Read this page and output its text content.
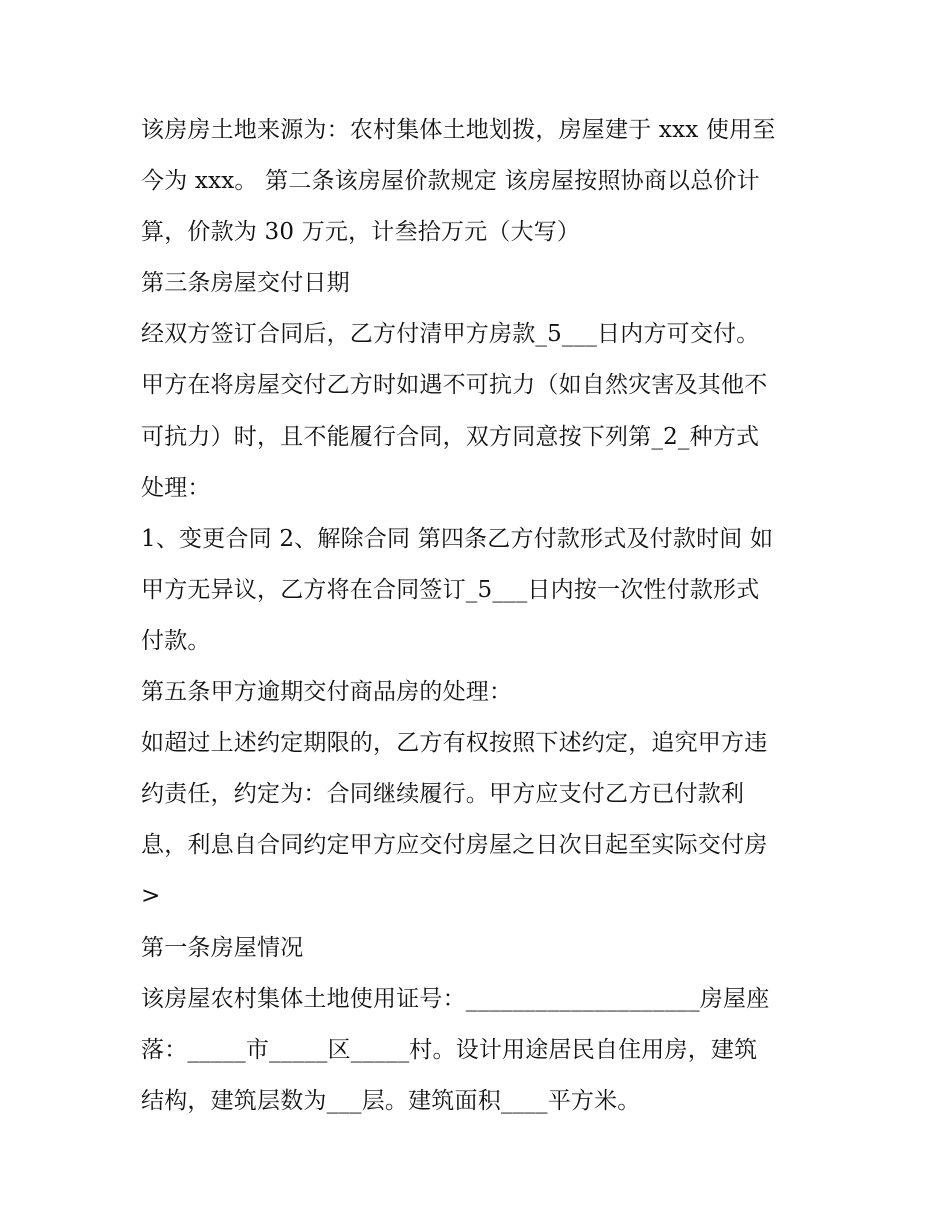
该房房土地来源为：农村集体土地划拨，房屋建于 xxx 使用至
今为 xxx。 第二条该房屋价款规定 该房屋按照协商以总价计
算，价款为 30 万元，计叁拾万元（大写）
第三条房屋交付日期
经双方签订合同后，乙方付清甲方房款_5___日内方可交付。
甲方在将房屋交付乙方时如遇不可抗力（如自然灾害及其他不
可抗力）时，且不能履行合同，双方同意按下列第_2_种方式
处理：
1、变更合同 2、解除合同 第四条乙方付款形式及付款时间 如
甲方无异议，乙方将在合同签订_5___日内按一次性付款形式
付款。
第五条甲方逾期交付商品房的处理：
如超过上述约定期限的，乙方有权按照下述约定，追究甲方违
约责任，约定为：合同继续履行。甲方应支付乙方已付款利
息，利息自合同约定甲方应交付房屋之日次日起至实际交付房
>
第一条房屋情况
该房屋农村集体土地使用证号：____________________房屋座
落：_____市_____区_____村。设计用途居民自住用房，建筑
结构，建筑层数为___层。建筑面积____平方米。
